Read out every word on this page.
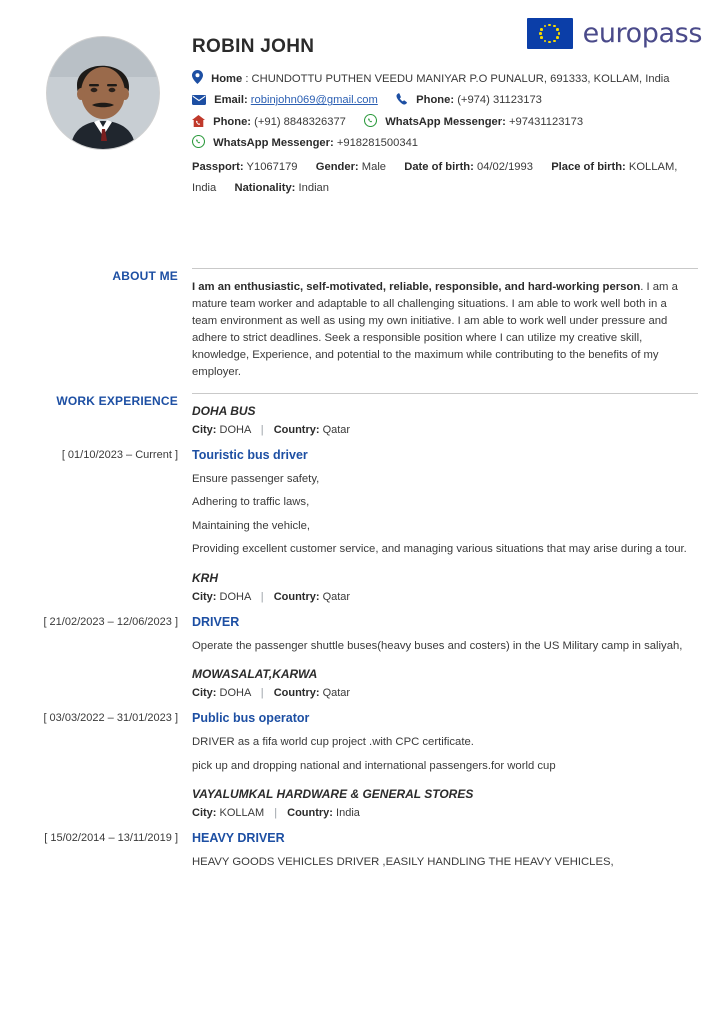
europass
ROBIN JOHN
Home : CHUNDOTTU PUTHEN VEEDU MANIYAR P.O PUNALUR, 691333, KOLLAM, India
Email: robinjohn069@gmail.com	Phone: (+974) 31123173
Phone: (+91) 8848326377	WhatsApp Messenger: +97431123173
WhatsApp Messenger: +918281500341
Passport: Y1067179 Gender: Male Date of birth: 04/02/1993 Place of birth: KOLLAM, India Nationality: Indian
ABOUT ME
I am an enthusiastic, self-motivated, reliable, responsible, and hard-working person. I am a mature team worker and adaptable to all challenging situations. I am able to work well both in a team environment as well as using my own initiative. I am able to work well under pressure and adhere to strict deadlines. Seek a responsible position where I can utilize my creative skill, knowledge, Experience, and potential to the maximum while contributing to the benefits of my employer.
WORK EXPERIENCE
DOHA BUS
City: DOHA | Country: Qatar
[ 01/10/2023 – Current ]	Touristic bus driver
Ensure passenger safety,
Adhering to traffic laws,
Maintaining the vehicle,
Providing excellent customer service, and managing various situations that may arise during a tour.
KRH
City: DOHA | Country: Qatar
[ 21/02/2023 – 12/06/2023 ]	DRIVER
Operate the passenger shuttle buses(heavy buses and costers) in the US Military camp in saliyah,
MOWASALAT,KARWA
City: DOHA | Country: Qatar
[ 03/03/2022 – 31/01/2023 ]	Public bus operator
DRIVER as a fifa world cup project .with CPC certificate.
pick up and dropping national and international passengers.for world cup
VAYALUMKAL HARDWARE & GENERAL STORES
City: KOLLAM | Country: India
[ 15/02/2014 – 13/11/2019 ]	HEAVY DRIVER
HEAVY GOODS VEHICLES DRIVER ,EASILY HANDLING THE HEAVY VEHICLES,
